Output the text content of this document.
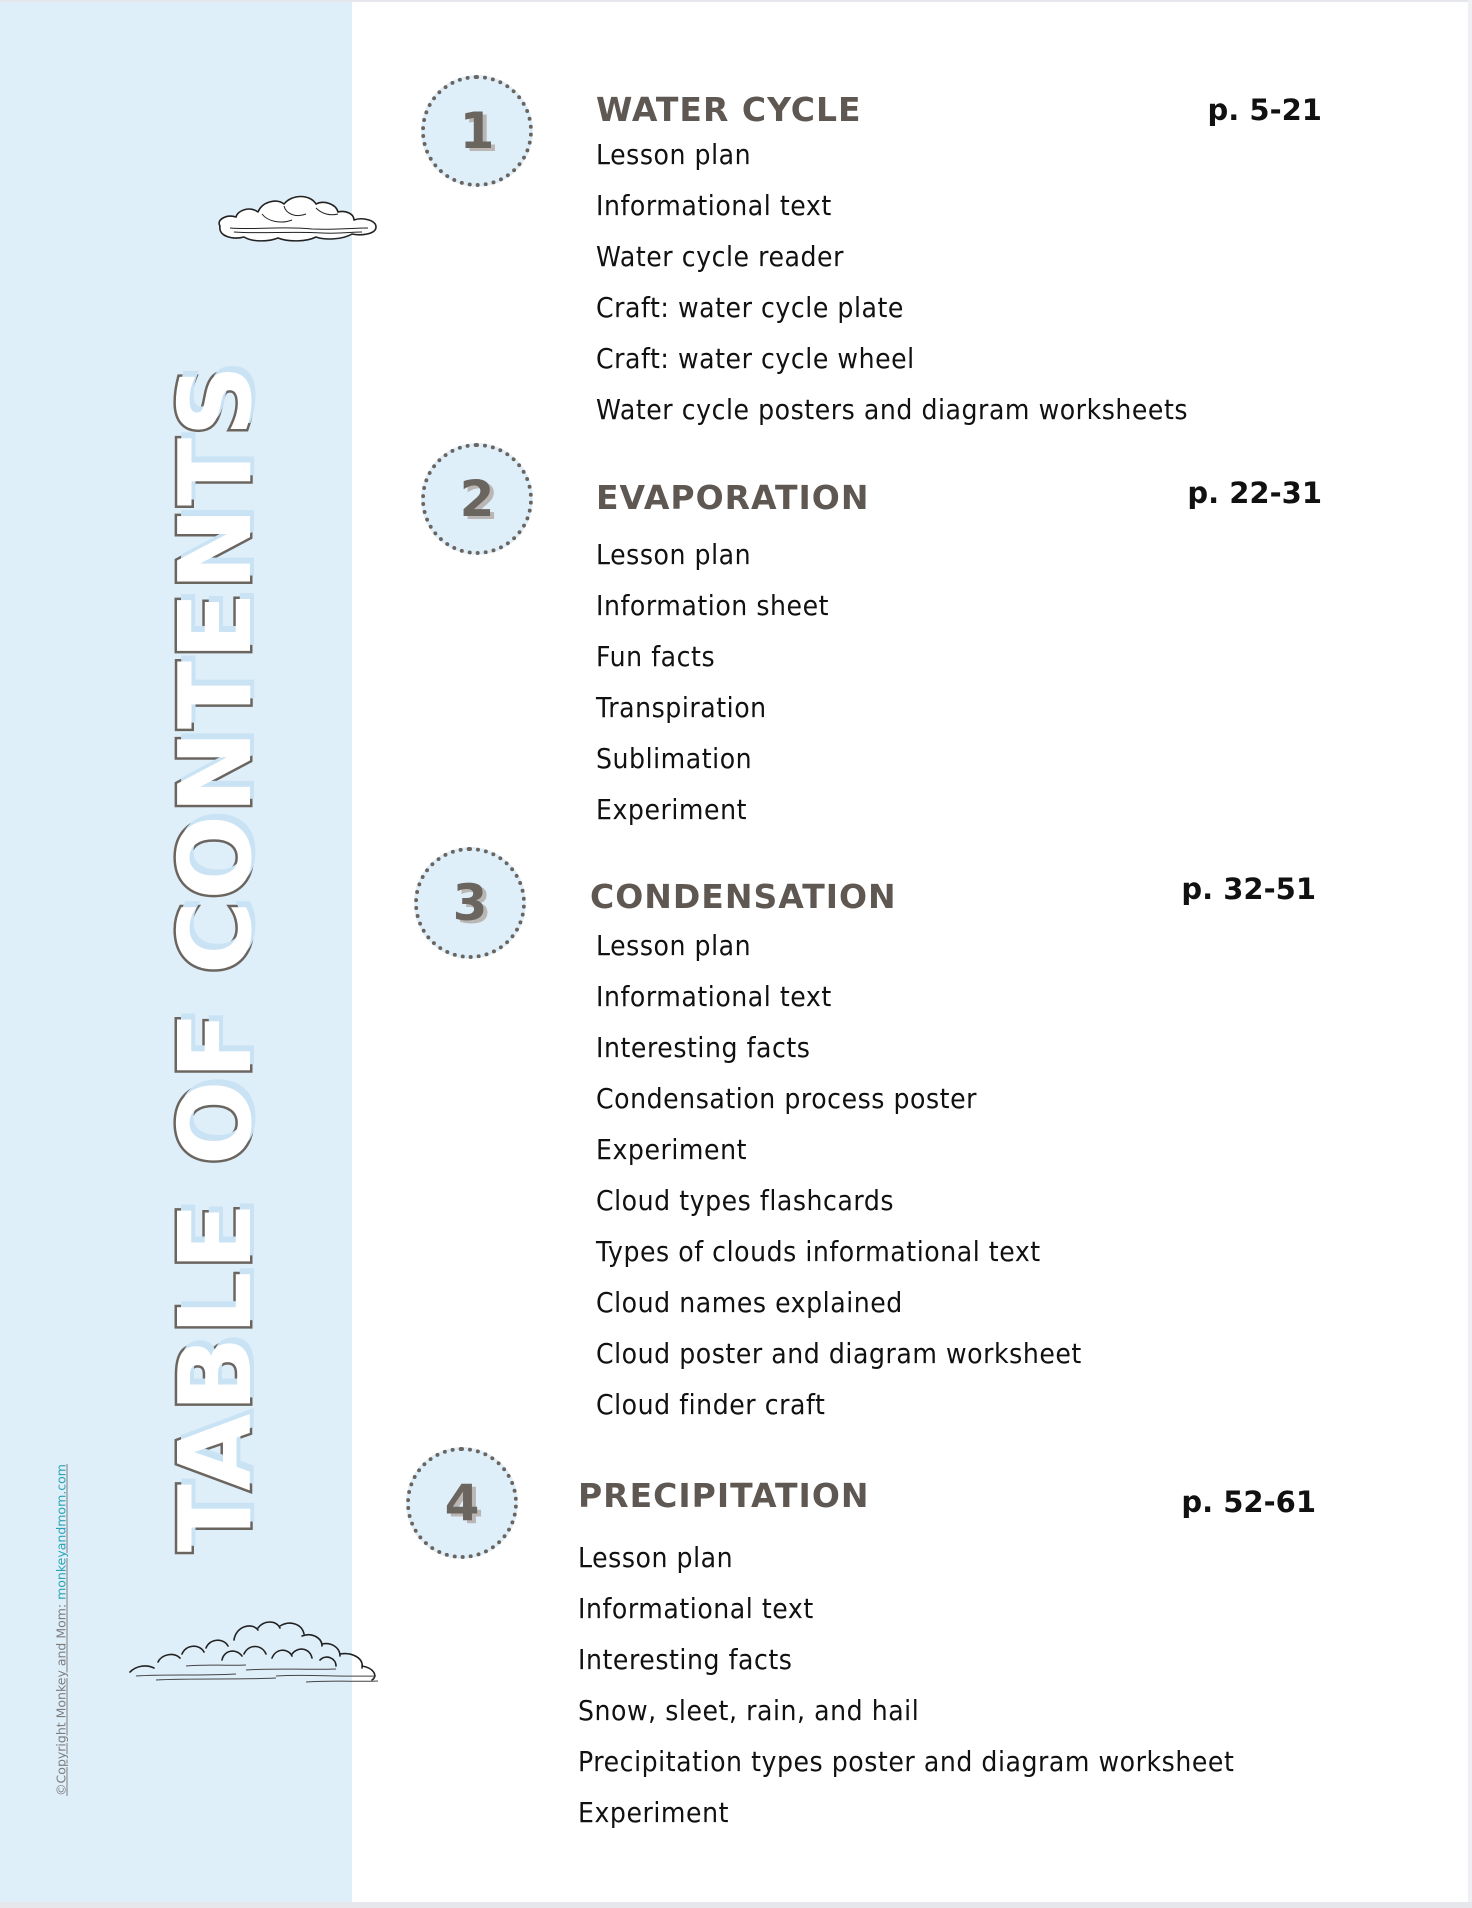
TABLE OF CONTENTS
©Copyright Monkey and Mom: monkeyandmom.com
1	WATER CYCLE	p. 5-21
Lesson plan
Informational text
Water cycle reader
Craft: water cycle plate
Craft: water cycle wheel
Water cycle posters and diagram worksheets
2	EVAPORATION	p. 22-31
Lesson plan
Information sheet
Fun facts
Transpiration
Sublimation
Experiment
3	CONDENSATION	p. 32-51
Lesson plan
Informational text
Interesting facts
Condensation process poster
Experiment
Cloud types flashcards
Types of clouds informational text
Cloud names explained
Cloud poster and diagram worksheet
Cloud finder craft
4	PRECIPITATION	p. 52-61
Lesson plan
Informational text
Interesting facts
Snow, sleet, rain, and hail
Precipitation types poster and diagram worksheet
Experiment
